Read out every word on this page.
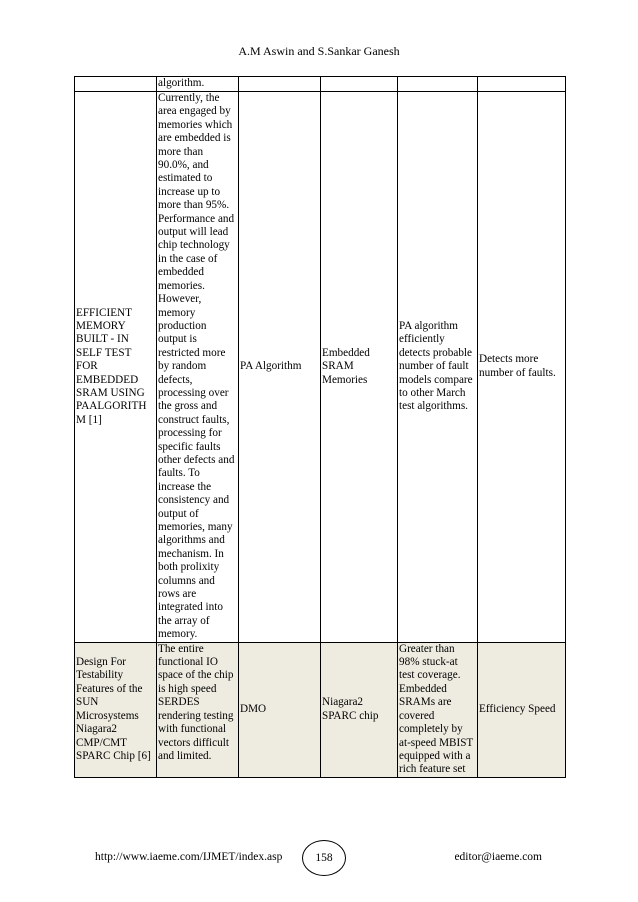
A.M Aswin and S.Sankar Ganesh
	algorithm.				
EFFICIENT MEMORY BUILT - IN SELF TEST FOR EMBEDDED SRAM USING PAALGORITH M [1]	Currently, the area engaged by memories which are embedded is more than 90.0%, and estimated to increase up to more than 95%. Performance and output will lead chip technology in the case of embedded memories. However, memory production output is restricted more by random defects, processing over the gross and construct faults, processing for specific faults other defects and faults. To increase the consistency and output of memories, many algorithms and mechanism. In both prolixity columns and rows are integrated into the array of memory.	PA Algorithm	Embedded SRAM Memories	PA algorithm efficiently detects probable number of fault models compare to other March test algorithms.	Detects more number of faults.
Design For Testability Features of the SUN Microsystems Niagara2 CMP/CMT SPARC Chip [6]	The entire functional IO space of the chip is high speed SERDES rendering testing with functional vectors difficult and limited.	DMO	Niagara2 SPARC chip	Greater than 98% stuck-at test coverage. Embedded SRAMs are covered completely by at-speed MBIST equipped with a rich feature set	Efficiency Speed
http://www.iaeme.com/IJMET/index.asp	158	editor@iaeme.com
